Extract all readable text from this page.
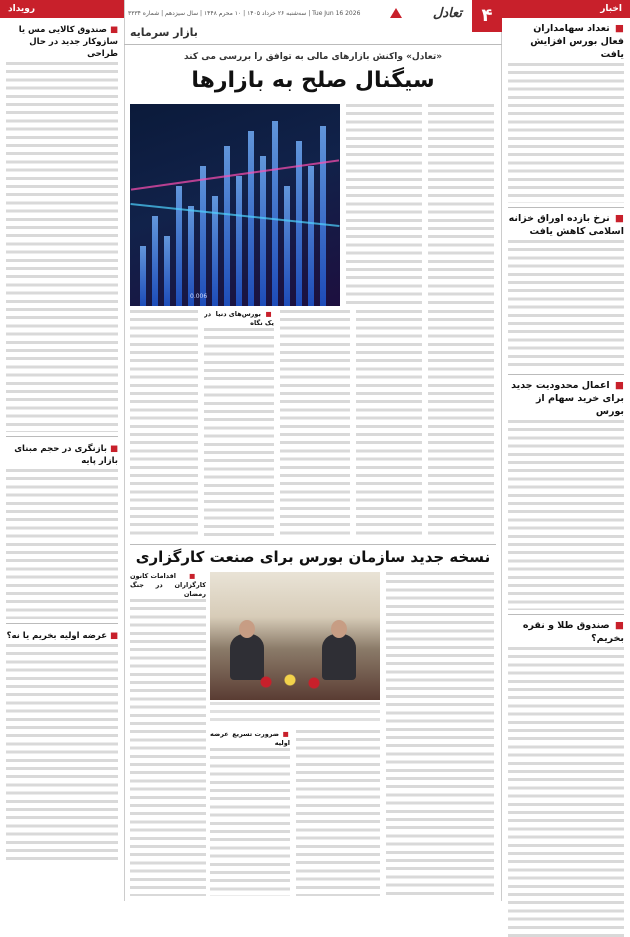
اخبار
■ تعداد سهامداران فعال بورس افزایش یافت
■ نرخ بازده اوراق خزانه اسلامی کاهش یافت
■ اعمال محدودیت جدید برای خرید سهام از بورس
■ صندوق طلا و نقره بخریم؟
رویداد
■ صندوق کالایی مس یا سازوکار جدید در حال طراحی
■ بازنگری در حجم مبنای بازار پایه
■ عرضه اولیه بخریم یا نه؟
۴
تعادل
سه‌شنبه ۲۶ خرداد ۱۴۰۵ | ۱۰ محرم ۱۴۴۸ | سال سیزدهم | شماره ۳۳۳۴ | Tue Jun 16 2026
بازار سرمایه
«تعادل» واکنش بازارهای مالی به توافق را بررسی می کند
سیگنال صلح به بازارها
0.006
■ بورس‌های دنیا در یک نگاه
نسخه جدید سازمان بورس برای صنعت کارگزاری
■ اقدامات کانون کارگزاران در جنگ رمضان
■ ضرورت تسریع عرضه اولیه
